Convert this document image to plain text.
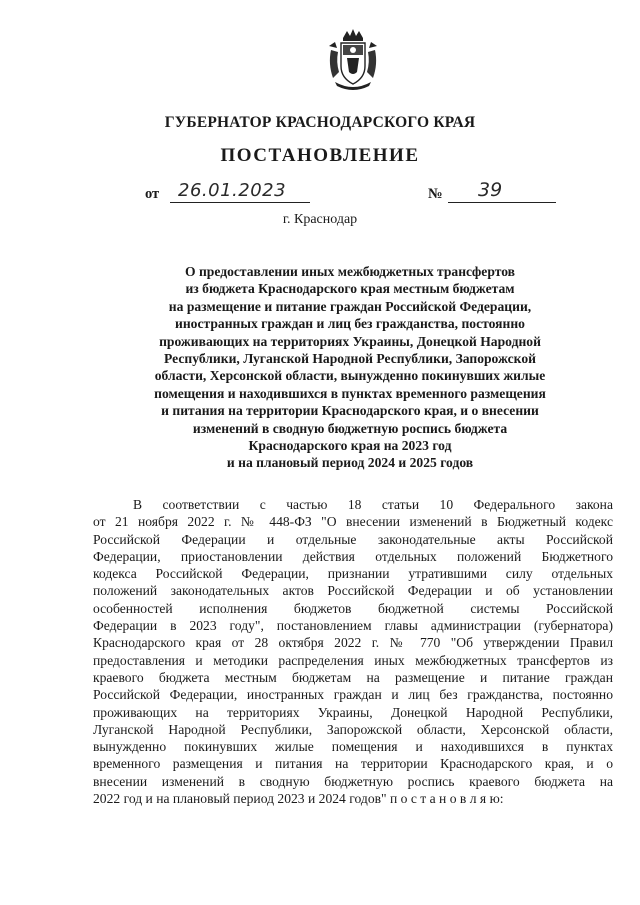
ГУБЕРНАТОР КРАСНОДАРСКОГО КРАЯ
ПОСТАНОВЛЕНИЕ
от 26.01.2023	№ 39
г. Краснодар
О предоставлении иных межбюджетных трансфертов
из бюджета Краснодарского края местным бюджетам
на размещение и питание граждан Российской Федерации,
иностранных граждан и лиц без гражданства, постоянно
проживающих на территориях Украины, Донецкой Народной
Республики, Луганской Народной Республики, Запорожской
области, Херсонской области, вынужденно покинувших жилые
помещения и находившихся в пунктах временного размещения
и питания на территории Краснодарского края, и о внесении
изменений в сводную бюджетную роспись бюджета
Краснодарского края на 2023 год
и на плановый период 2024 и 2025 годов
В соответствии с частью 18 статьи 10 Федерального закона
от 21 ноября 2022 г. № 448-ФЗ "О внесении изменений в Бюджетный кодекс
Российской Федерации и отдельные законодательные акты Российской
Федерации, приостановлении действия отдельных положений Бюджетного
кодекса Российской Федерации, признании утратившими силу отдельных
положений законодательных актов Российской Федерации и об установлении
особенностей исполнения бюджетов бюджетной системы Российской
Федерации в 2023 году", постановлением главы администрации (губернатора)
Краснодарского края от 28 октября 2022 г. № 770 "Об утверждении Правил
предоставления и методики распределения иных межбюджетных трансфертов из
краевого бюджета местным бюджетам на размещение и питание граждан
Российской Федерации, иностранных граждан и лиц без гражданства, постоянно
проживающих на территориях Украины, Донецкой Народной Республики,
Луганской Народной Республики, Запорожской области, Херсонской области,
вынужденно покинувших жилые помещения и находившихся в пунктах
временного размещения и питания на территории Краснодарского края, и о
внесении изменений в сводную бюджетную роспись краевого бюджета на
2022 год и на плановый период 2023 и 2024 годов" п о с т а н о в л я ю:
